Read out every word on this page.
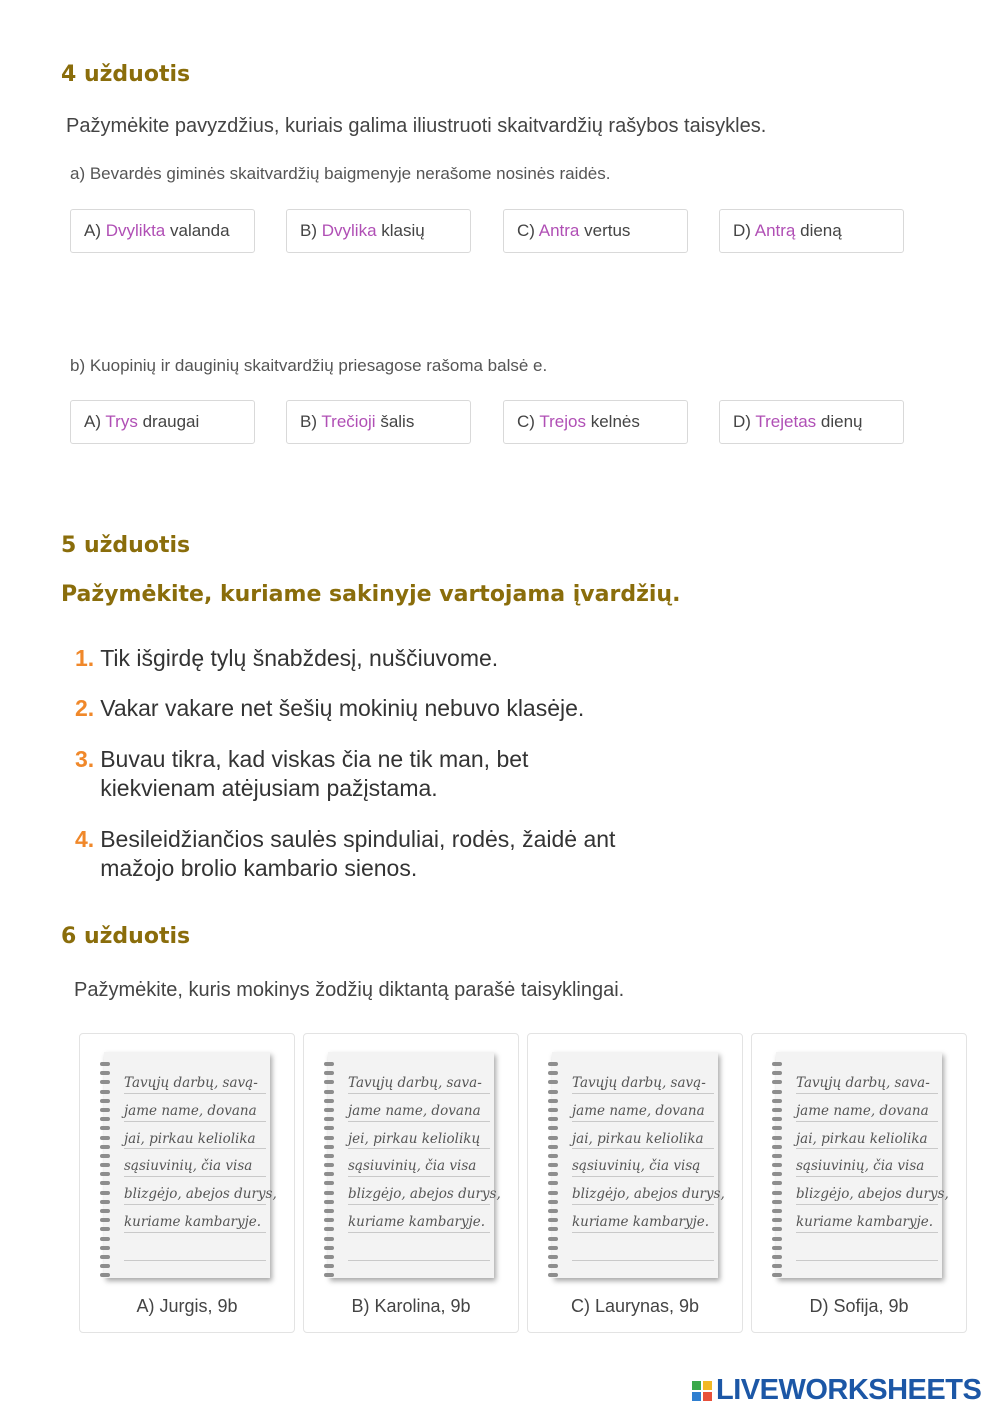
4 užduotis
Pažymėkite pavyzdžius, kuriais galima iliustruoti skaitvardžių rašybos taisykles.
a) Bevardės giminės skaitvardžių baigmenyje nerašome nosinės raidės.
A) Dvylikta valanda	B) Dvylika klasių	C) Antra vertus	D) Antrą dieną
b) Kuopinių ir dauginių skaitvardžių priesagose rašoma balsė e.
A) Trys draugai	B) Trečioji šalis	C) Trejos kelnės	D) Trejetas dienų
5 užduotis
Pažymėkite, kuriame sakinyje vartojama įvardžių.
1. Tik išgirdę tylų šnabždesį, nuščiuvome.
2. Vakar vakare net šešių mokinių nebuvo klasėje.
3. Buvau tikra, kad viskas čia ne tik man, bet kiekvienam atėjusiam pažįstama.
4. Besileidžiančios saulės spinduliai, rodės, žaidė ant mažojo brolio kambario sienos.
6 užduotis
Pažymėkite, kuris mokinys žodžių diktantą parašė taisyklingai.
Tavųjų darbų, savą-
jame name, dovana
jai, pirkau keliolika
sąsiuvinių, čia visa
blizgėjo, abejos durys,
kuriame kambaryje.
A) Jurgis, 9b
Tavųjų darbų, sava-
jame name, dovana
jei, pirkau keliolikų
sąsiuvinių, čia visa
blizgėjo, abejos durys,
kuriame kambaryje.
B) Karolina, 9b
Tavųjų darbų, savą-
jame name, dovana
jai, pirkau keliolika
sąsiuvinių, čia visą
blizgėjo, abejos durys,
kuriame kambaryje.
C) Laurynas, 9b
Tavųjų darbų, sava-
jame name, dovana
jai, pirkau keliolika
sąsiuvinių, čia visa
blizgėjo, abejos durys,
kuriame kambaryje.
D) Sofija, 9b
LIVEWORKSHEETS
